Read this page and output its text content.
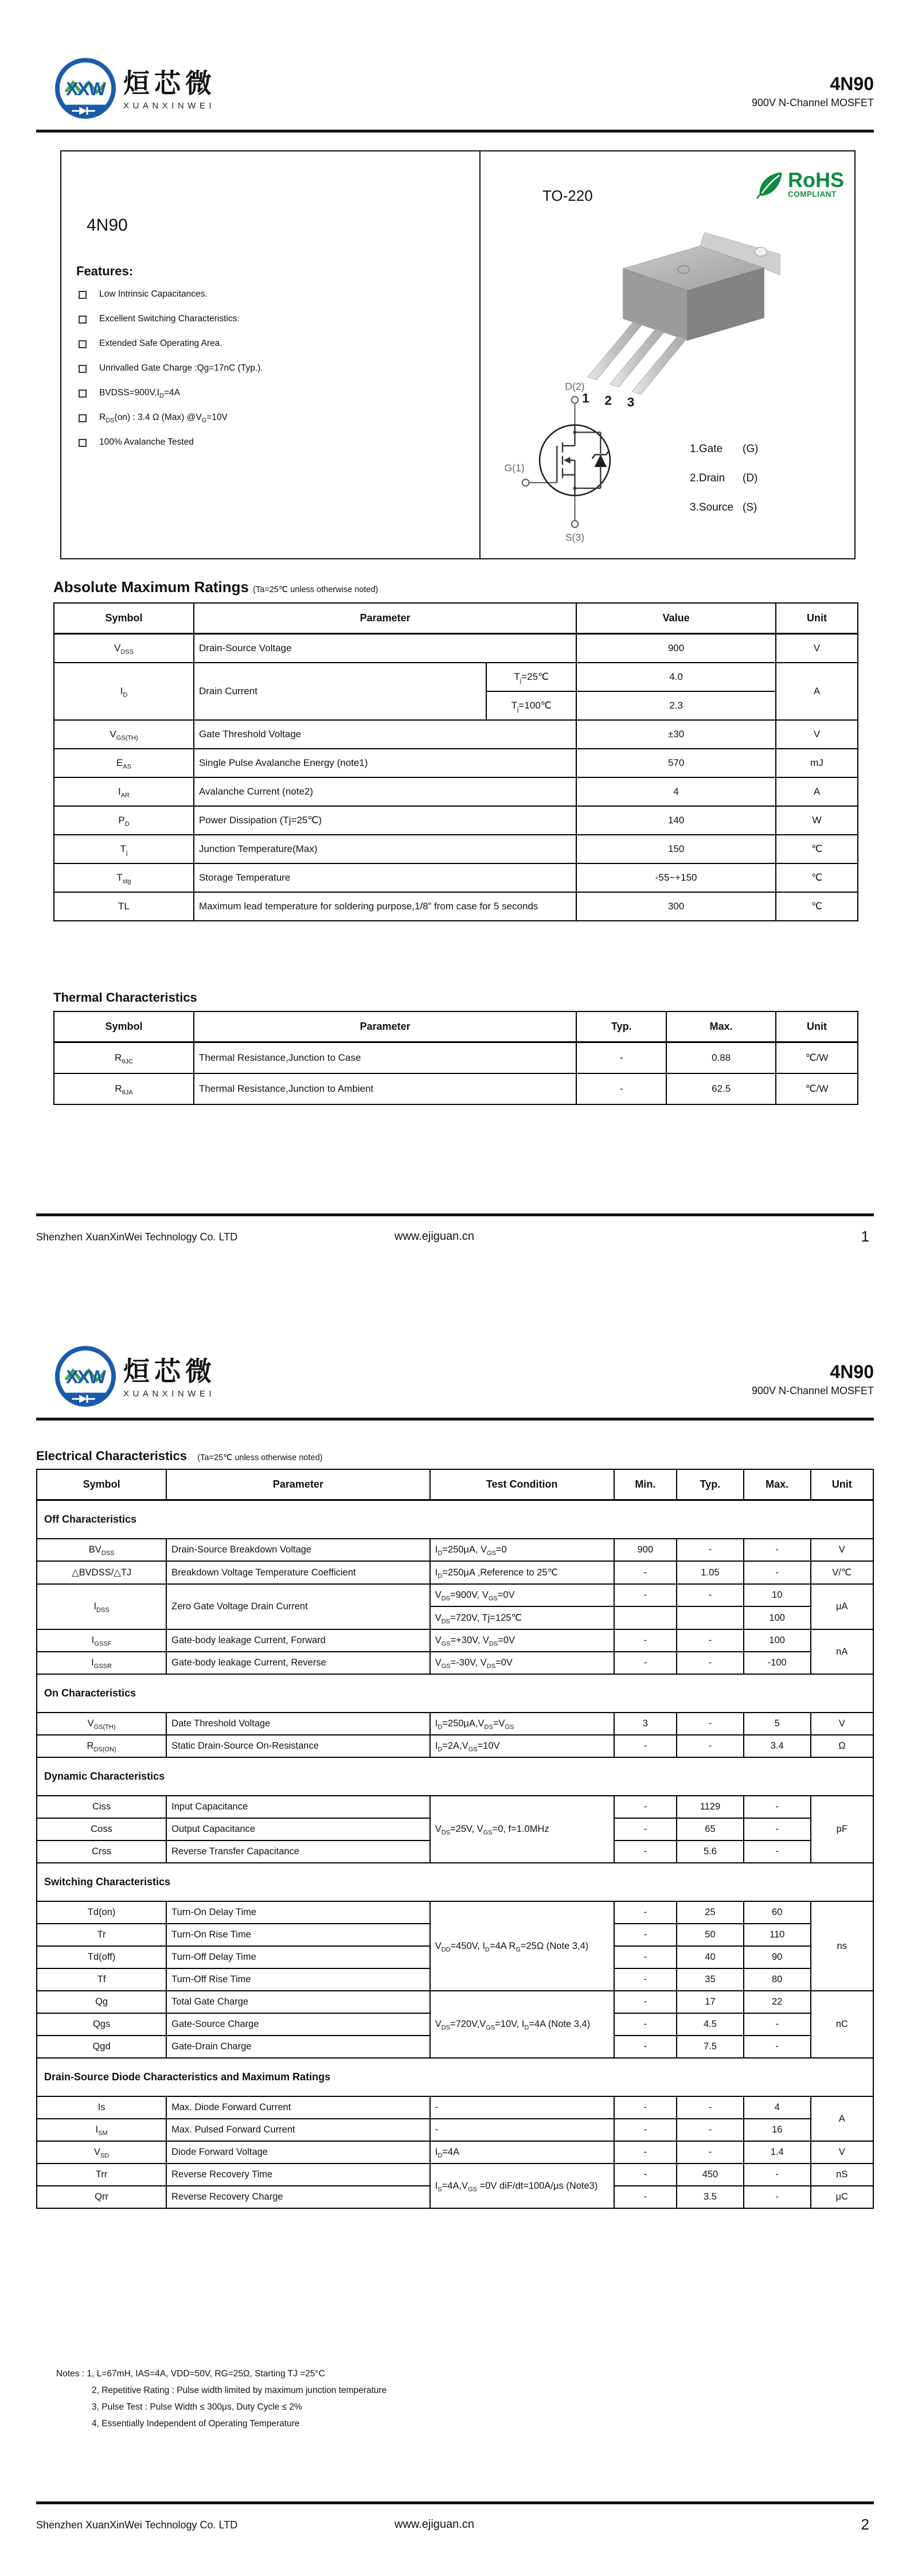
XXW 烜芯微
XUANXINWEI
4N90
900V N-Channel MOSFET
4N90
Features:
Low Intrinsic Capacitances.
Excellent Switching Characteristics.
Extended Safe Operating Area.
Unrivalled Gate Charge :Qg=17nC (Typ.).
$BVDSS=900V,I_D=4A$
$R_{DS}(on)$ : 3.4 Ω (Max) $@V_G=10V$
100% Avalanche Tested
TO-220
RoHS
COMPLIANT
1 2 3
D(2)
G(1)
S(3)
1.Gate	(G)
2.Drain	(D)
3.Source (S)
Absolute Maximum Ratings (Ta=25℃ unless otherwise noted)
Symbol	Parameter		Value	Unit
$V_{DSS}$	Drain-Source Voltage		900	V
$I_D$	Drain Current	$T_j=25℃$	4.0	A
		$T_j=100℃$	2.3	
$V_{GS(TH)}$	Gate Threshold Voltage		±30	V
$E_{AS}$	Single Pulse Avalanche Energy (note1)		570	mJ
$I_{AR}$	Avalanche Current (note2)		4	A
$P_D$	Power Dissipation (Tj=25℃)		140	W
$T_j$	Junction Temperature(Max)		150	℃
$T_{stg}$	Storage Temperature		-55~+150	℃
TL	Maximum lead temperature for soldering purpose,1/8” from case for 5 seconds		300	℃
Thermal Characteristics
Symbol	Parameter	Typ.	Max.	Unit
$R_{\theta JC}$	Thermal Resistance,Junction to Case	-	0.88	℃/W
$R_{\theta JA}$	Thermal Resistance,Junction to Ambient	-	62.5	℃/W
Shenzhen XuanXinWei Technology Co. LTD	www.ejiguan.cn	1
XXW 烜芯微
XUANXINWEI
4N90
900V N-Channel MOSFET
Electrical Characteristics (Ta=25℃ unless otherwise noted)
Symbol	Parameter	Test Condition	Min.	Typ.	Max.	Unit
Off Characteristics						
$BV_{DSS}$	Drain-Source Breakdown Voltage	$I_D=250\mu A$, $V_{GS}=0$	900	-	-	V
△BVDSS/△TJ	Breakdown Voltage Temperature Coefficient	$I_D=250\mu A$ ,Reference to 25℃	-	1.05	-	V/℃
$I_{DSS}$	Zero Gate Voltage Drain Current	$V_{DS}=900V$, $V_{GS}=0V$	-	-	10	μA
		$V_{DS}=720V$, Tj=125℃			100	
$I_{GSSF}$	Gate-body leakage Current, Forward	$V_{GS}=+30V$, $V_{DS}=0V$	-	-	100	nA
$I_{GSSR}$	Gate-body leakage Current, Reverse	$V_{GS}=-30V$, $V_{DS}=0V$	-	-	-100	
On Characteristics						
$V_{GS(TH)}$	Date Threshold Voltage	$I_D=250\mu A,V_{DS}=V_{GS}$	3	-	5	V
$R_{DS(ON)}$	Static Drain-Source On-Resistance	$I_D=2A,V_{GS}=10V$	-	-	3.4	Ω
Dynamic Characteristics						
Ciss	Input Capacitance	$V_{DS}=25V$, $V_{GS}=0$, f=1.0MHz	-	1129	-	pF
Coss	Output Capacitance		-	65	-	
Crss	Reverse Transfer Capacitance		-	5.6	-	
Switching Characteristics						
Td(on)	Turn-On Delay Time	$V_{DD}=450V$, $I_D=4A$ $R_G=25\Omega$ (Note 3,4)	-	25	60	ns
Tr	Turn-On Rise Time		-	50	110	
Td(off)	Turn-Off Delay Time		-	40	90	
Tf	Turn-Off Rise Time		-	35	80	
Qg	Total Gate Charge	$V_{DS}=720V,V_{GS}=10V$, $I_D=4A$ (Note 3,4)	-	17	22	nC
Qgs	Gate-Source Charge		-	4.5	-	
Qgd	Gate-Drain Charge		-	7.5	-	
Drain-Source Diode Characteristics and Maximum Ratings						
Is	Max. Diode Forward Current	-	-	-	4	A
$I_{SM}$	Max. Pulsed Forward Current	-	-	-	16	
$V_{SD}$	Diode Forward Voltage	$I_D=4A$	-	-	1.4	V
Trr	Reverse Recovery Time	$I_S=4A,V_{GS} =0V$ diF/dt=100A/μs (Note3)	-	450	-	nS
Qrr	Reverse Recovery Charge		-	3.5	-	μC
Notes : 1, L=67mH, IAS=4A, VDD=50V, RG=25Ω, Starting TJ =25°C
2, Repetitive Rating : Pulse width limited by maximum junction temperature
3, Pulse Test : Pulse Width ≤ 300μs, Duty Cycle ≤ 2%
4, Essentially Independent of Operating Temperature
Shenzhen XuanXinWei Technology Co. LTD	www.ejiguan.cn	2
